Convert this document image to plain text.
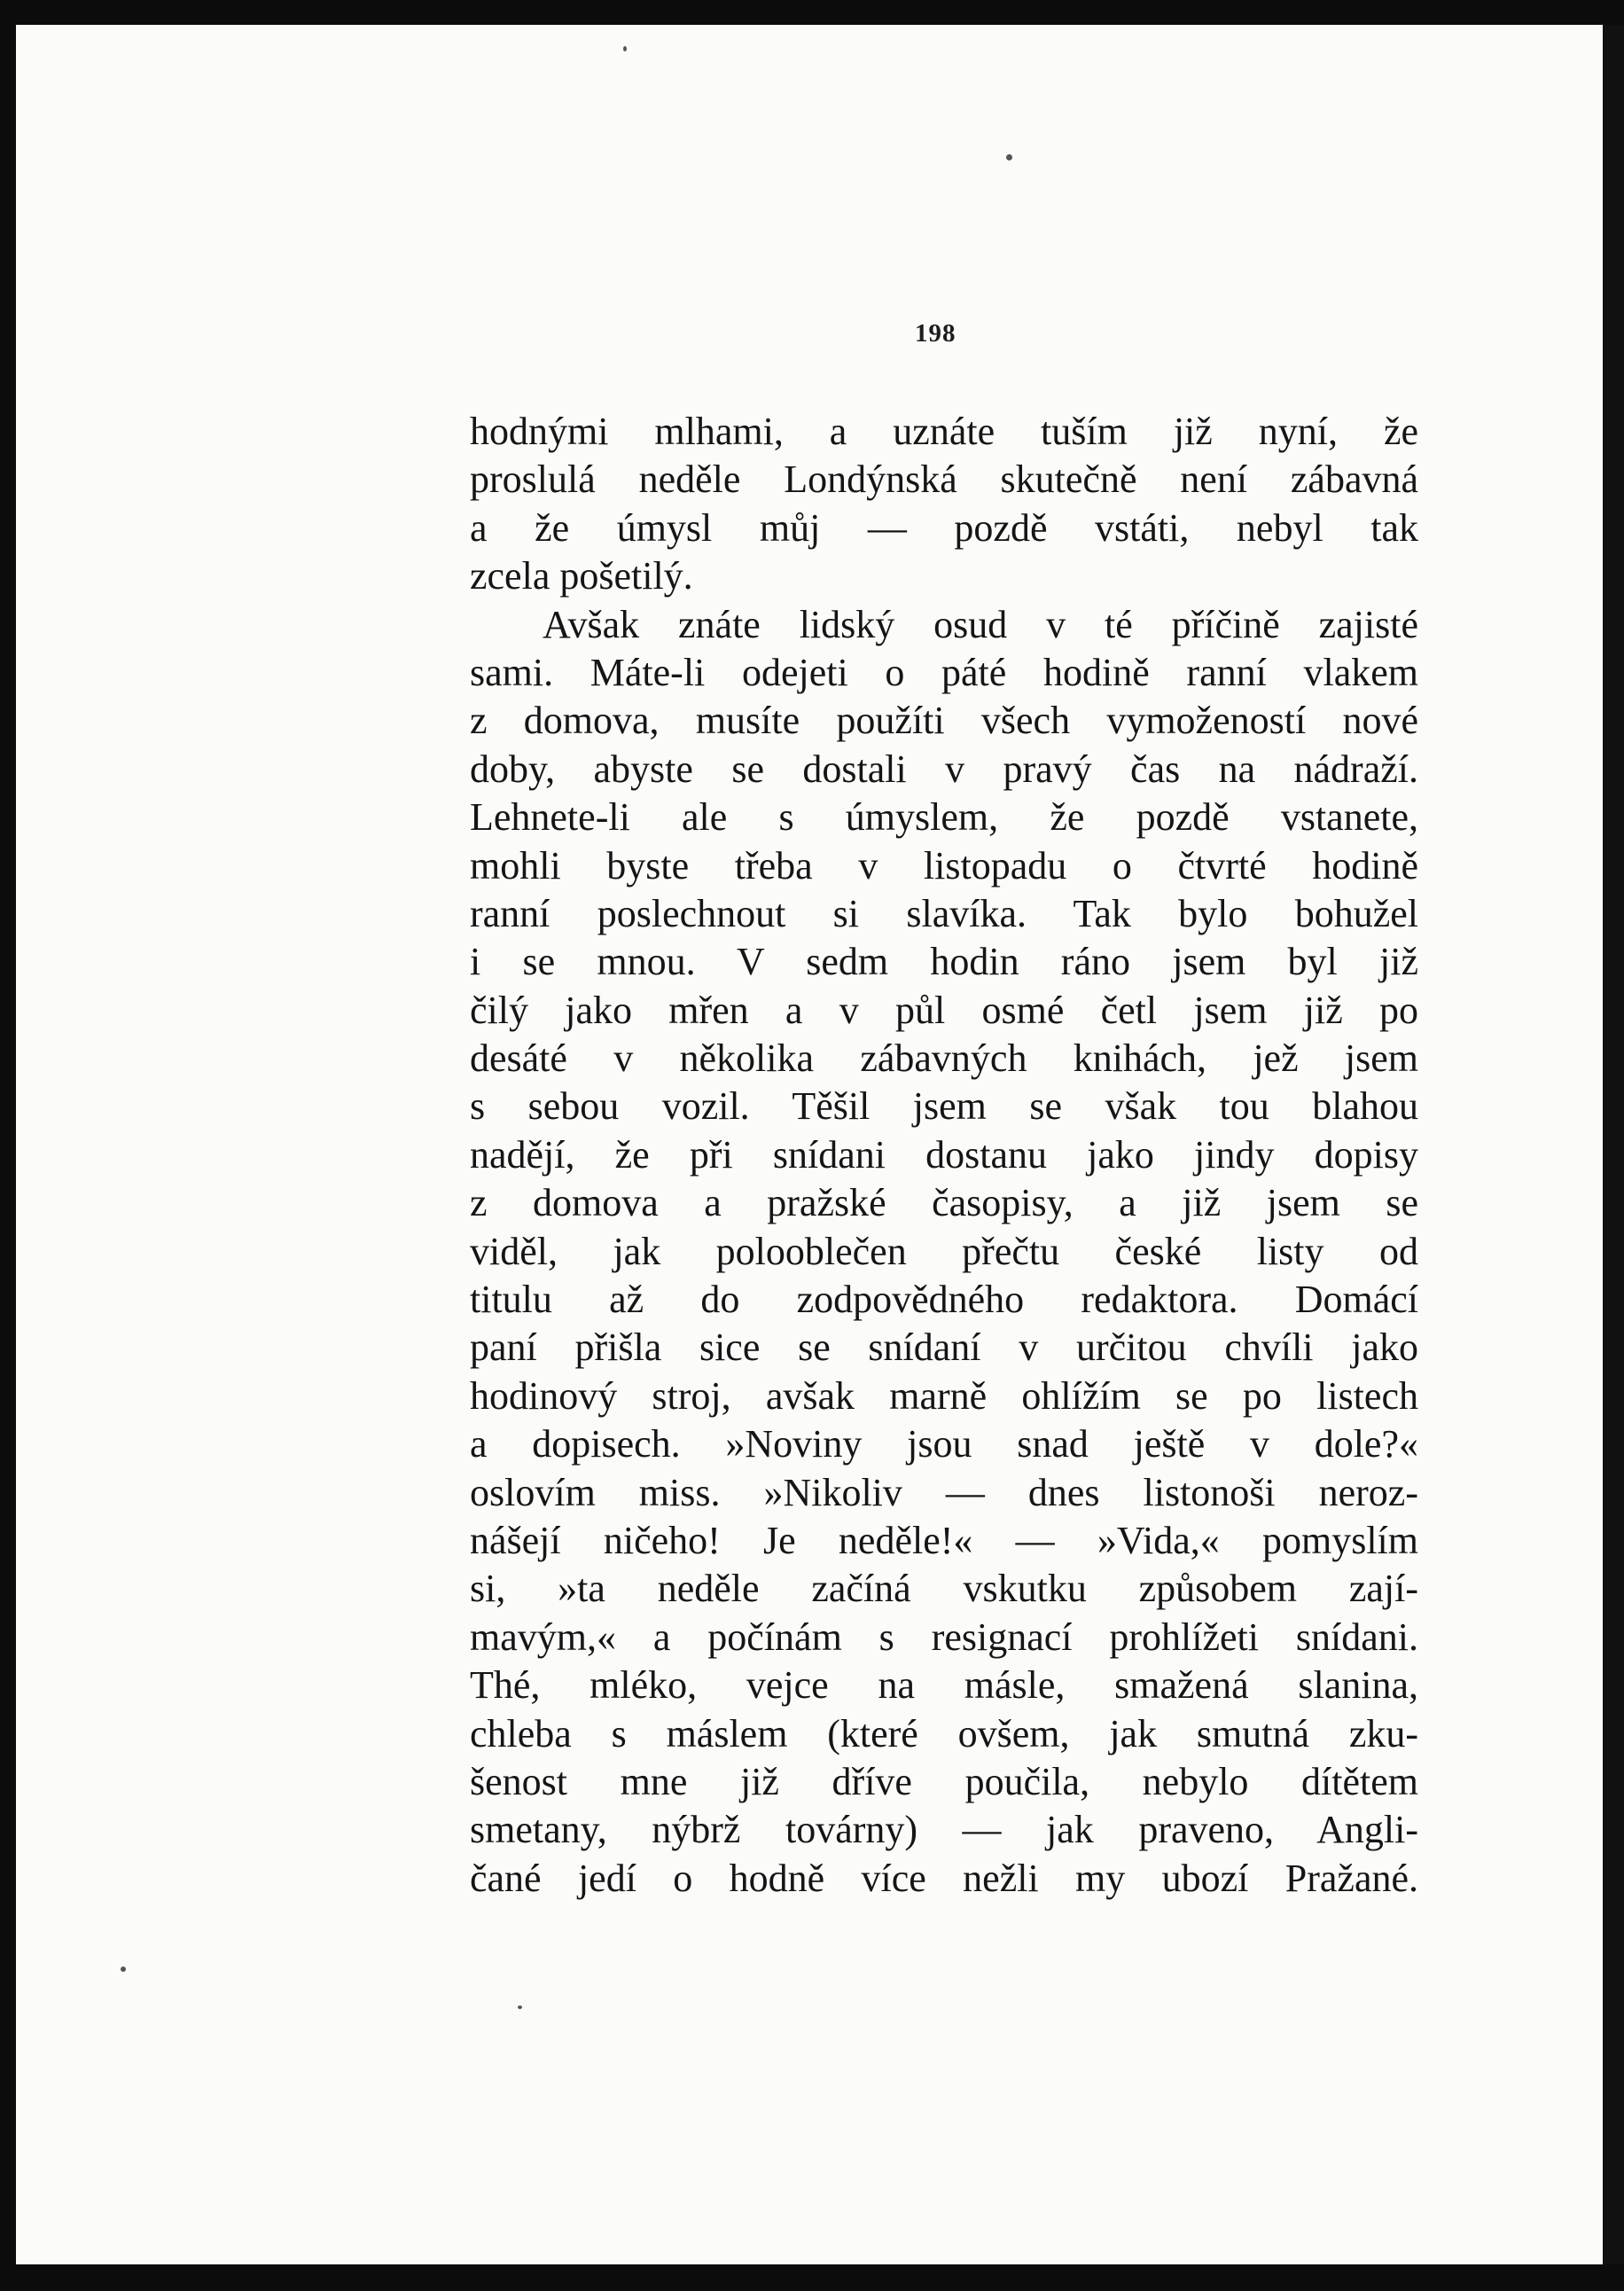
198
hodnými mlhami, a uznáte tuším již nyní, že
proslulá neděle Londýnská skutečně není zábavná
a že úmysl můj — pozdě vstáti, nebyl tak
zcela pošetilý.
Avšak znáte lidský osud v té příčině zajisté
sami. Máte-li odejeti o páté hodině ranní vlakem
z domova, musíte použíti všech vymožeností nové
doby, abyste se dostali v pravý čas na nádraží.
Lehnete-li ale s úmyslem, že pozdě vstanete,
mohli byste třeba v listopadu o čtvrté hodině
ranní poslechnout si slavíka. Tak bylo bohužel
i se mnou. V sedm hodin ráno jsem byl již
čilý jako mřen a v půl osmé četl jsem již po
desáté v několika zábavných knihách, jež jsem
s sebou vozil. Těšil jsem se však tou blahou
nadějí, že při snídani dostanu jako jindy dopisy
z domova a pražské časopisy, a již jsem se
viděl, jak polooblečen přečtu české listy od
titulu až do zodpovědného redaktora. Domácí
paní přišla sice se snídaní v určitou chvíli jako
hodinový stroj, avšak marně ohlížím se po listech
a dopisech. »Noviny jsou snad ještě v dole?«
oslovím miss. »Nikoliv — dnes listonoši neroz-
nášejí ničeho! Je neděle!« — »Vida,« pomyslím
si, »ta neděle začíná vskutku způsobem zají-
mavým,« a počínám s resignací prohlížeti snídani.
Thé, mléko, vejce na másle, smažená slanina,
chleba s máslem (které ovšem, jak smutná zku-
šenost mne již dříve poučila, nebylo dítětem
smetany, nýbrž továrny) — jak praveno, Angli-
čané jedí o hodně více nežli my ubozí Pražané.
